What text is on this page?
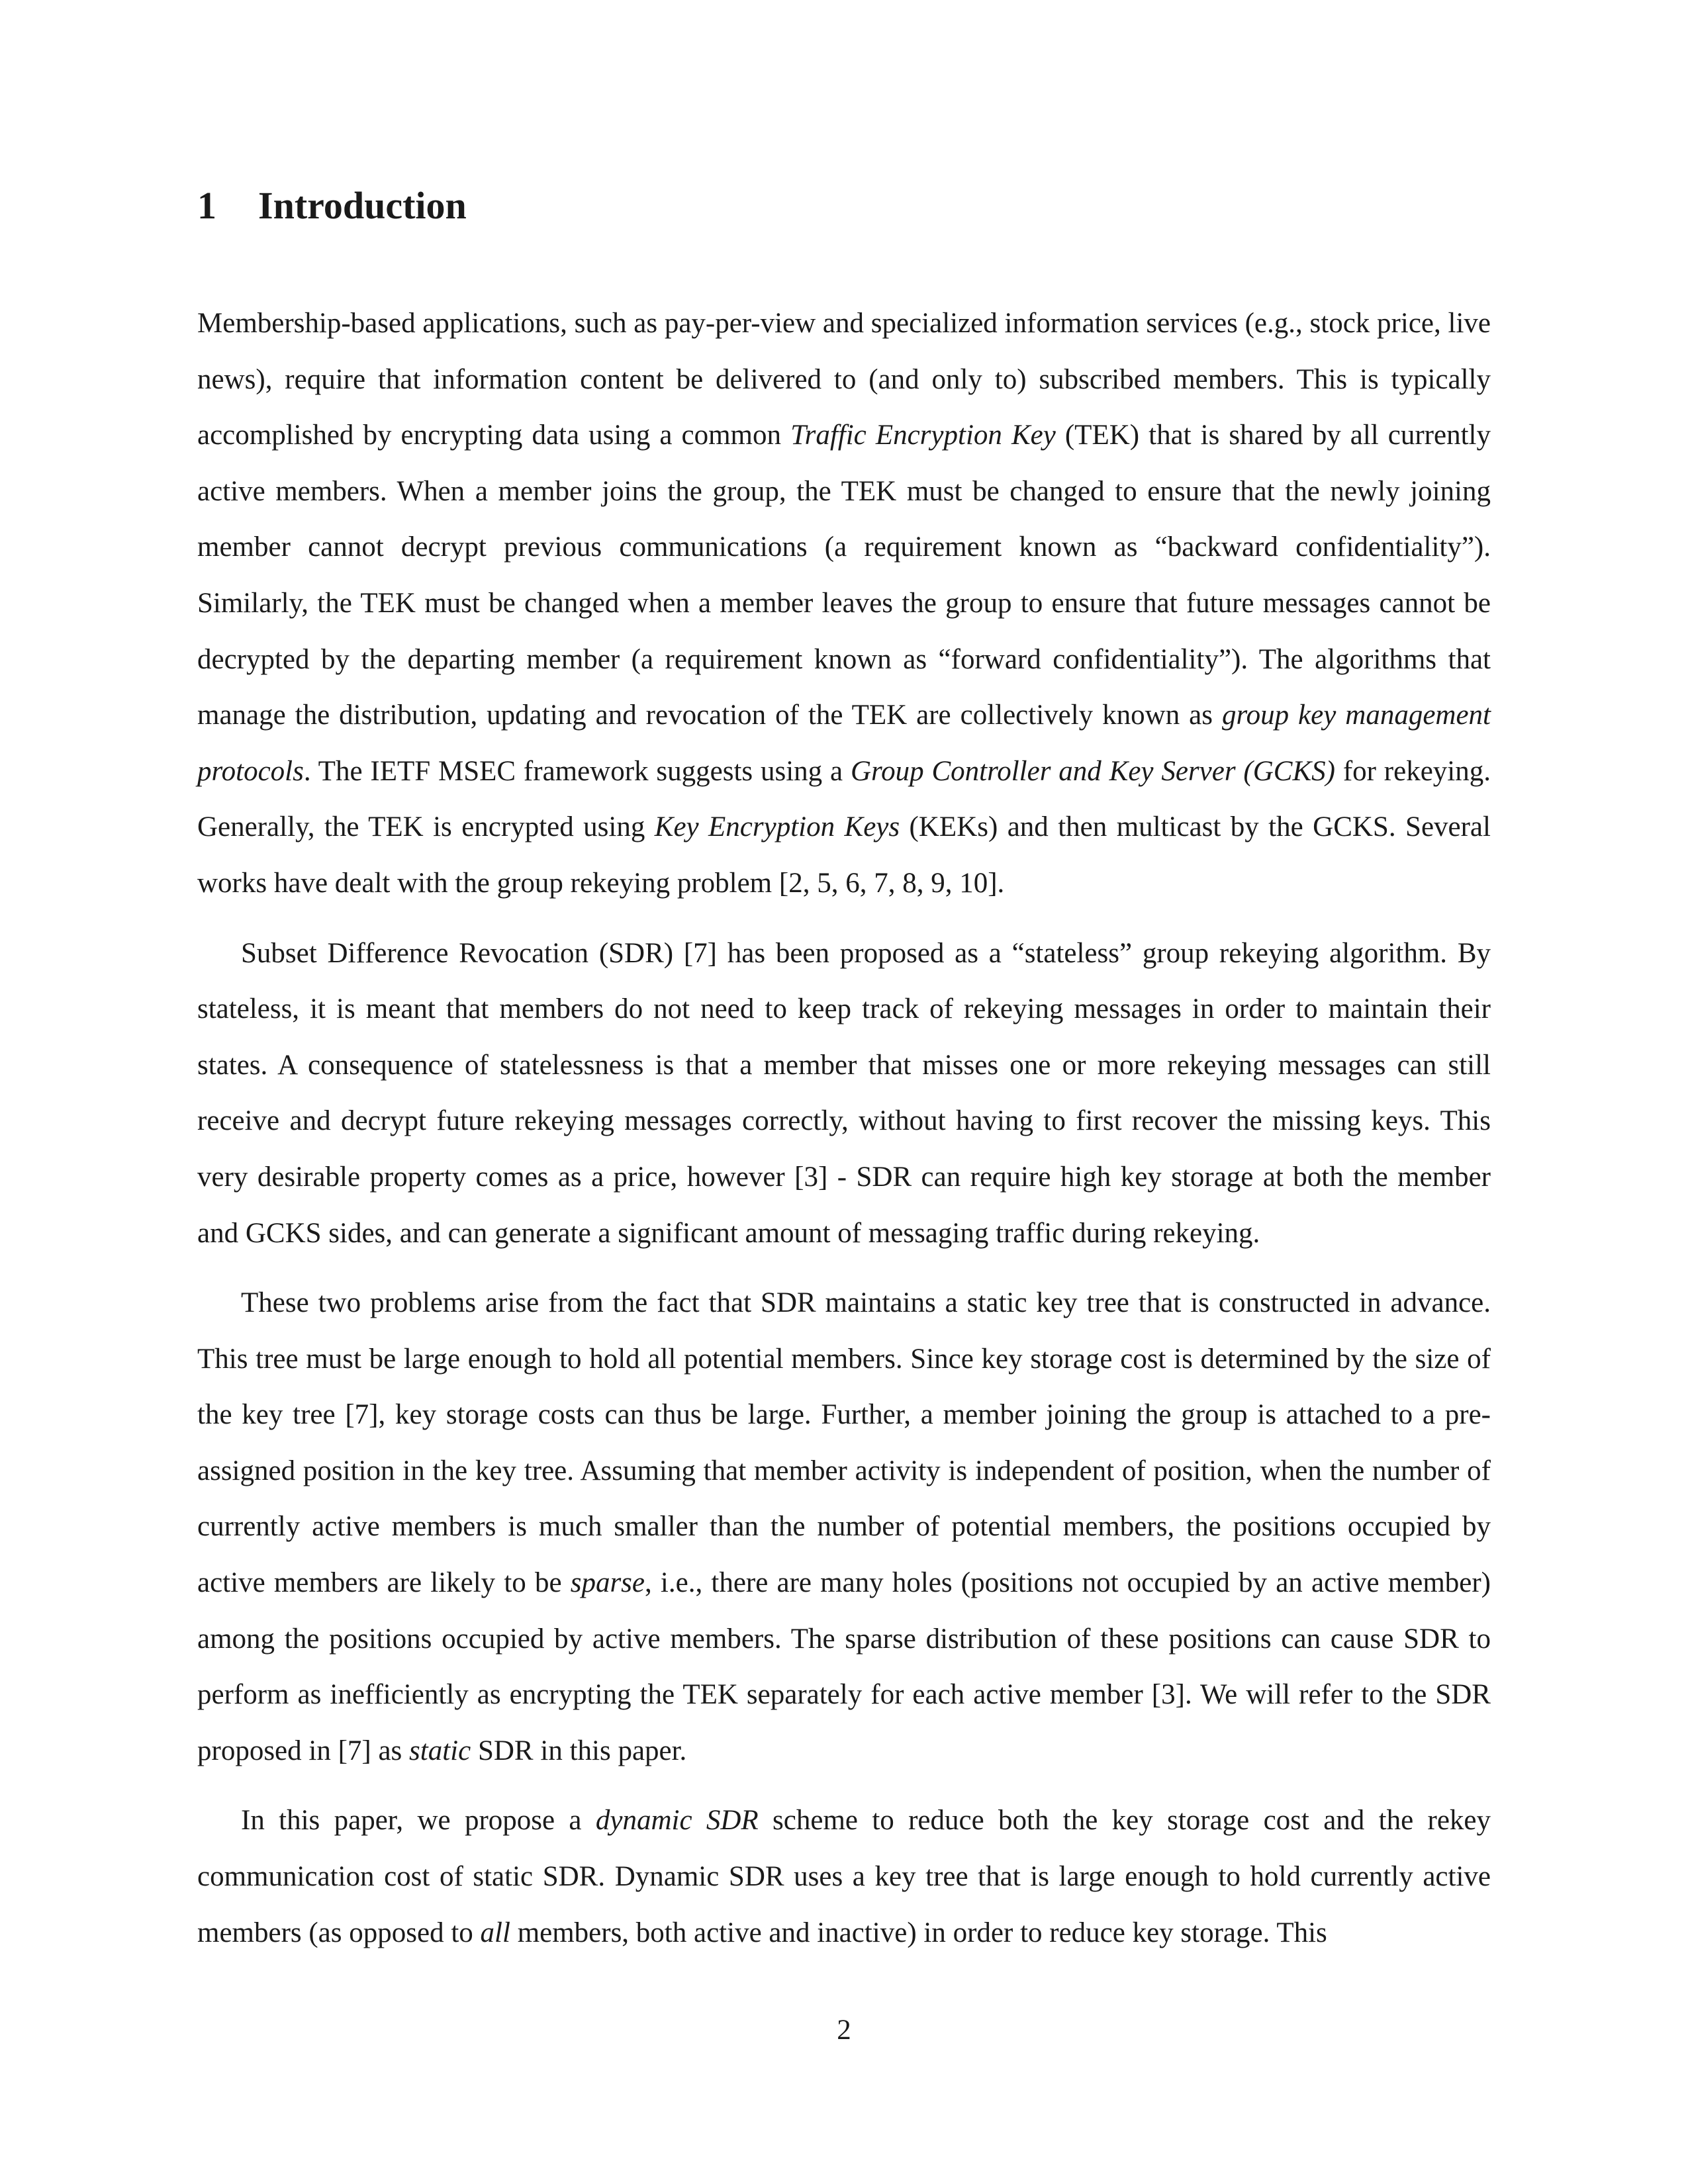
1 Introduction

Membership-based applications, such as pay-per-view and specialized information services (e.g., stock price, live news), require that information content be delivered to (and only to) subscribed members. This is typically accomplished by encrypting data using a common Traffic Encryption Key (TEK) that is shared by all currently active members. When a member joins the group, the TEK must be changed to ensure that the newly joining member cannot decrypt previous communications (a requirement known as “backward confidentiality”). Similarly, the TEK must be changed when a member leaves the group to ensure that future messages cannot be decrypted by the departing member (a requirement known as “forward confidentiality”). The algorithms that manage the distribution, updating and revocation of the TEK are collectively known as group key management protocols. The IETF MSEC framework suggests using a Group Controller and Key Server (GCKS) for rekeying. Generally, the TEK is encrypted using Key Encryption Keys (KEKs) and then multicast by the GCKS. Several works have dealt with the group rekeying problem [2, 5, 6, 7, 8, 9, 10].

Subset Difference Revocation (SDR) [7] has been proposed as a “stateless” group rekeying algorithm. By stateless, it is meant that members do not need to keep track of rekeying messages in order to maintain their states. A consequence of statelessness is that a member that misses one or more rekeying messages can still receive and decrypt future rekeying messages correctly, without having to first recover the missing keys. This very desirable property comes as a price, however [3] - SDR can require high key storage at both the member and GCKS sides, and can generate a significant amount of messaging traffic during rekeying.

These two problems arise from the fact that SDR maintains a static key tree that is constructed in advance. This tree must be large enough to hold all potential members. Since key storage cost is determined by the size of the key tree [7], key storage costs can thus be large. Further, a member joining the group is attached to a pre-assigned position in the key tree. Assuming that member activity is independent of position, when the number of currently active members is much smaller than the number of potential members, the positions occupied by active members are likely to be sparse, i.e., there are many holes (positions not occupied by an active member) among the positions occupied by active members. The sparse distribution of these positions can cause SDR to perform as inefficiently as encrypting the TEK separately for each active member [3]. We will refer to the SDR proposed in [7] as static SDR in this paper.

In this paper, we propose a dynamic SDR scheme to reduce both the key storage cost and the rekey communication cost of static SDR. Dynamic SDR uses a key tree that is large enough to hold currently active members (as opposed to all members, both active and inactive) in order to reduce key storage. This

2
